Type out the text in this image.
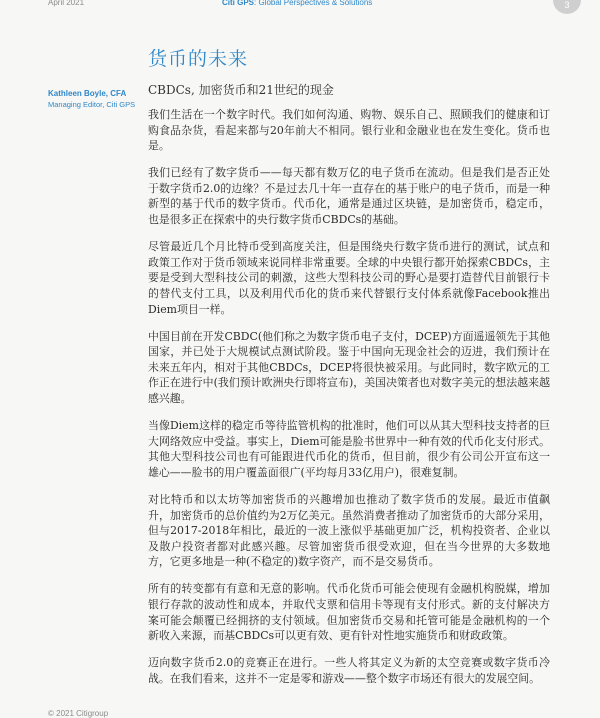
April 2021	Citi GPS: Global Perspectives & Solutions	3
货币的未来
Kathleen Boyle, CFA
Managing Editor, Citi GPS
CBDCs, 加密货币和21世纪的现金

我们生活在一个数字时代。我们如何沟通、购物、娱乐自己、照顾我们的健康和订购食品杂货，看起来都与20年前大不相同。银行业和金融业也在发生变化。货币也是。

我们已经有了数字货币——每天都有数万亿的电子货币在流动。但是我们是否正处于数字货币2.0的边缘？不是过去几十年一直存在的基于账户的电子货币，而是一种新型的基于代币的数字货币。代币化，通常是通过区块链，是加密货币，稳定币，也是很多正在探索中的央行数字货币CBDCs的基础。

尽管最近几个月比特币受到高度关注，但是围绕央行数字货币进行的测试，试点和政策工作对于货币领域来说同样非常重要。全球的中央银行都开始探索CBDCs，主要是受到大型科技公司的刺激，这些大型科技公司的野心是要打造替代目前银行卡的替代支付工具，以及利用代币化的货币来代替银行支付体系就像Facebook推出Diem项目一样。

中国目前在开发CBDC(他们称之为数字货币电子支付，DCEP)方面遥遥领先于其他国家，并已处于大规模试点测试阶段。鉴于中国向无现金社会的迈进，我们预计在未来五年内，相对于其他CBDCs，DCEP将很快被采用。与此同时，数字欧元的工作正在进行中(我们预计欧洲央行即将宣布)，美国决策者也对数字美元的想法越来越感兴趣。

当像Diem这样的稳定币等待监管机构的批准时，他们可以从其大型科技支持者的巨大网络效应中受益。事实上，Diem可能是脸书世界中一种有效的代币化支付形式。其他大型科技公司也有可能跟进代币化的货币，但目前，很少有公司公开宣布这一雄心——脸书的用户覆盖面很广(平均每月33亿用户)，很难复制。

对比特币和以太坊等加密货币的兴趣增加也推动了数字货币的发展。最近市值飙升，加密货币的总价值约为2万亿美元。虽然消费者推动了加密货币的大部分采用，但与2017-2018年相比，最近的一波上涨似乎基础更加广泛，机构投资者、企业以及散户投资者都对此感兴趣。尽管加密货币很受欢迎，但在当今世界的大多数地方，它更多地是一种(不稳定的)数字资产，而不是交易货币。

所有的转变都有有意和无意的影响。代币化货币可能会使现有金融机构脱媒，增加银行存款的波动性和成本，并取代支票和信用卡等现有支付形式。新的支付解决方案可能会颠覆已经拥挤的支付领域。但加密货币交易和托管可能是金融机构的一个新收入来源，而基CBDCs可以更有效、更有针对性地实施货币和财政政策。

迈向数字货币2.0的竞赛正在进行。一些人将其定义为新的太空竞赛或数字货币冷战。在我们看来，这并不一定是零和游戏——整个数字市场还有很大的发展空间。

© 2021 Citigroup
